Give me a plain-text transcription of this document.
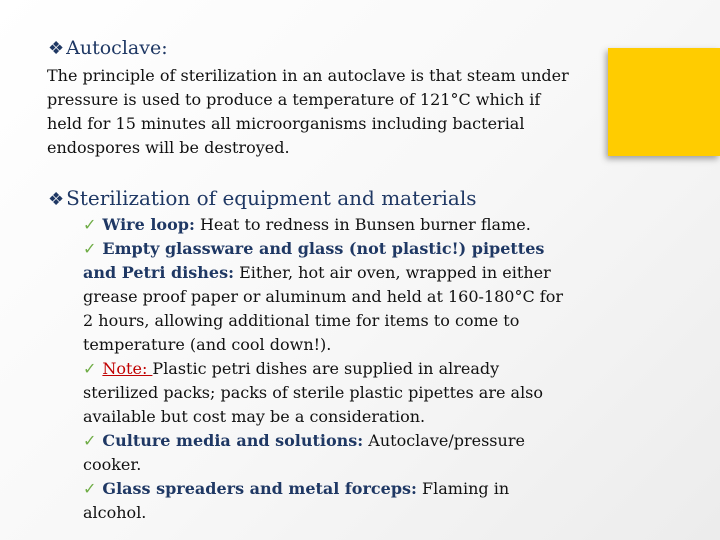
❖ Autoclave:
The principle of sterilization in an autoclave is that steam under
pressure is used to produce a temperature of 121°C which if
held for 15 minutes all microorganisms including bacterial
endospores will be destroyed.
❖ Sterilization of equipment and materials
✓ Wire loop: Heat to redness in Bunsen burner flame.
✓ Empty glassware and glass (not plastic!) pipettes
and Petri dishes: Either, hot air oven, wrapped in either
grease proof paper or aluminum and held at 160-180°C for
2 hours, allowing additional time for items to come to
temperature (and cool down!).
✓ Note: Plastic petri dishes are supplied in already
sterilized packs; packs of sterile plastic pipettes are also
available but cost may be a consideration.
✓ Culture media and solutions: Autoclave/pressure
cooker.
✓ Glass spreaders and metal forceps: Flaming in
alcohol.
